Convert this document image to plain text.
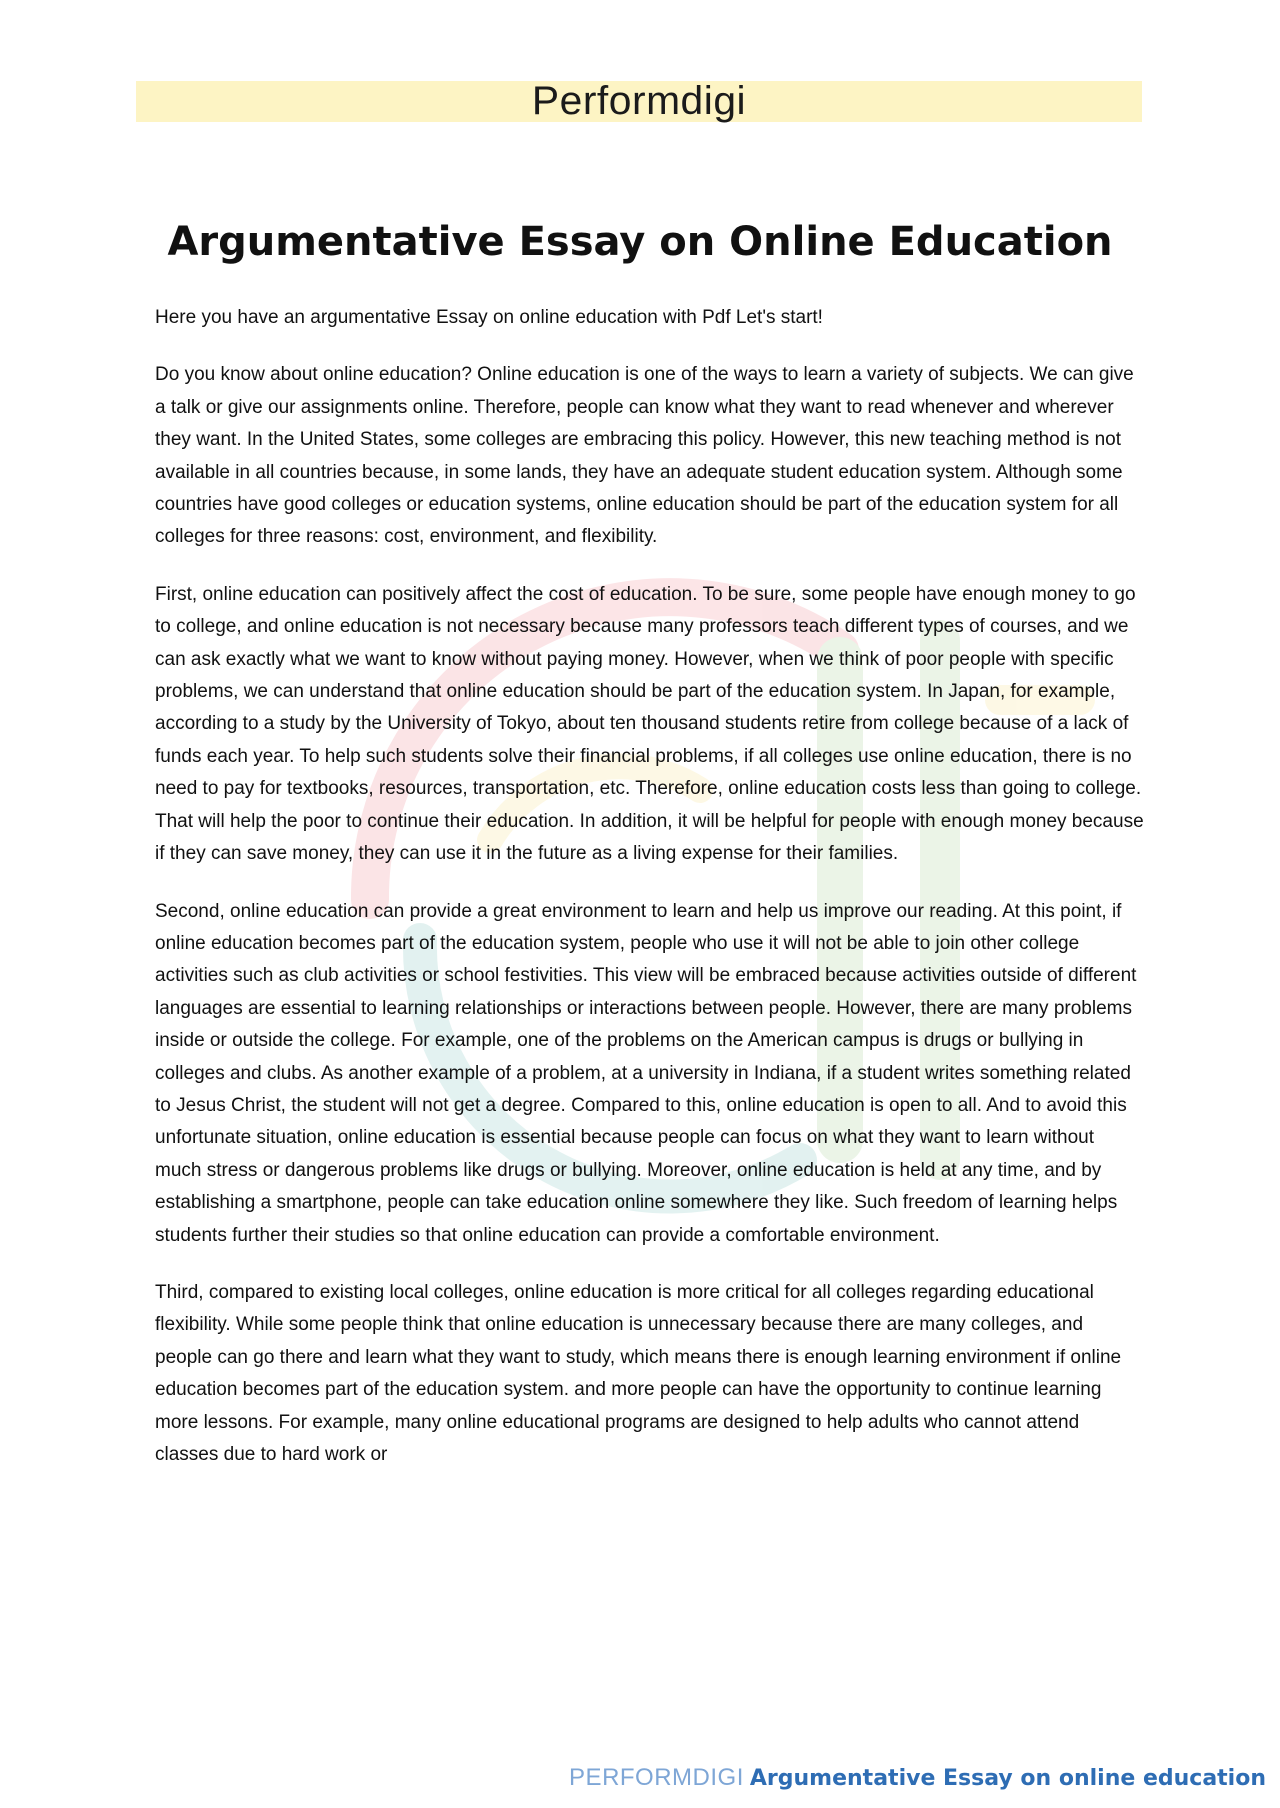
Performdigi
Argumentative Essay on Online Education

Here you have an argumentative Essay on online education with Pdf Let's start!

Do you know about online education? Online education is one of the ways to learn a variety of subjects. We can give a talk or give our assignments online. Therefore, people can know what they want to read whenever and wherever they want. In the United States, some colleges are embracing this policy. However, this new teaching method is not available in all countries because, in some lands, they have an adequate student education system. Although some countries have good colleges or education systems, online education should be part of the education system for all colleges for three reasons: cost, environment, and flexibility.

First, online education can positively affect the cost of education. To be sure, some people have enough money to go to college, and online education is not necessary because many professors teach different types of courses, and we can ask exactly what we want to know without paying money. However, when we think of poor people with specific problems, we can understand that online education should be part of the education system. In Japan, for example, according to a study by the University of Tokyo, about ten thousand students retire from college because of a lack of funds each year. To help such students solve their financial problems, if all colleges use online education, there is no need to pay for textbooks, resources, transportation, etc. Therefore, online education costs less than going to college. That will help the poor to continue their education. In addition, it will be helpful for people with enough money because if they can save money, they can use it in the future as a living expense for their families.

Second, online education can provide a great environment to learn and help us improve our reading. At this point, if online education becomes part of the education system, people who use it will not be able to join other college activities such as club activities or school festivities. This view will be embraced because activities outside of different languages are essential to learning relationships or interactions between people. However, there are many problems inside or outside the college. For example, one of the problems on the American campus is drugs or bullying in colleges and clubs. As another example of a problem, at a university in Indiana, if a student writes something related to Jesus Christ, the student will not get a degree. Compared to this, online education is open to all. And to avoid this unfortunate situation, online education is essential because people can focus on what they want to learn without much stress or dangerous problems like drugs or bullying. Moreover, online education is held at any time, and by establishing a smartphone, people can take education online somewhere they like. Such freedom of learning helps students further their studies so that online education can provide a comfortable environment.

Third, compared to existing local colleges, online education is more critical for all colleges regarding educational flexibility. While some people think that online education is unnecessary because there are many colleges, and people can go there and learn what they want to study, which means there is enough learning environment if online education becomes part of the education system. and more people can have the opportunity to continue learning more lessons. For example, many online educational programs are designed to help adults who cannot attend classes due to hard work or

PERFORMDIGI Argumentative Essay on online education
